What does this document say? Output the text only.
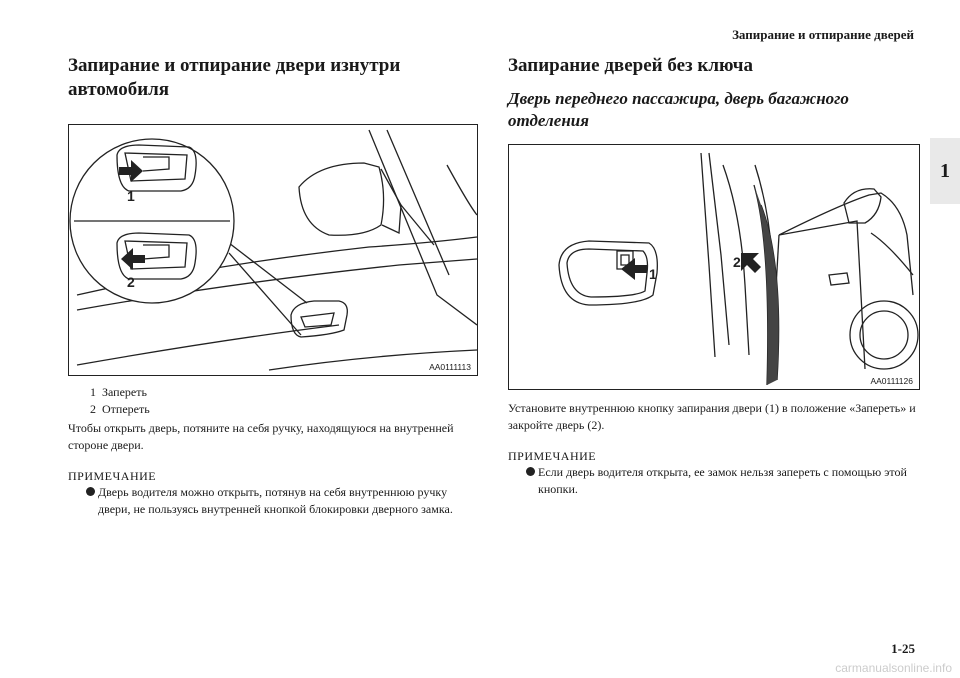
Запирание и отпирание дверей
1
Запирание и отпирание двери изнутри автомобиля
1
2
AA0111113
1 Запереть
2 Отпереть

Чтобы открыть дверь, потяните на себя ручку, находящуюся на внутренней стороне двери.

ПРИМЕЧАНИЕ
Дверь водителя можно открыть, потянув на себя внутреннюю ручку двери, не пользуясь внутренней кнопкой блокировки дверного замка.
Запирание дверей без ключа
Дверь переднего пассажира, дверь багажного отделения
1
2
AA0111126

Установите внутреннюю кнопку запирания двери (1) в положение «Запереть» и закройте дверь (2).

ПРИМЕЧАНИЕ
Если дверь водителя открыта, ее замок нельзя запереть с помощью этой кнопки.
1-25
carmanualsonline.info
